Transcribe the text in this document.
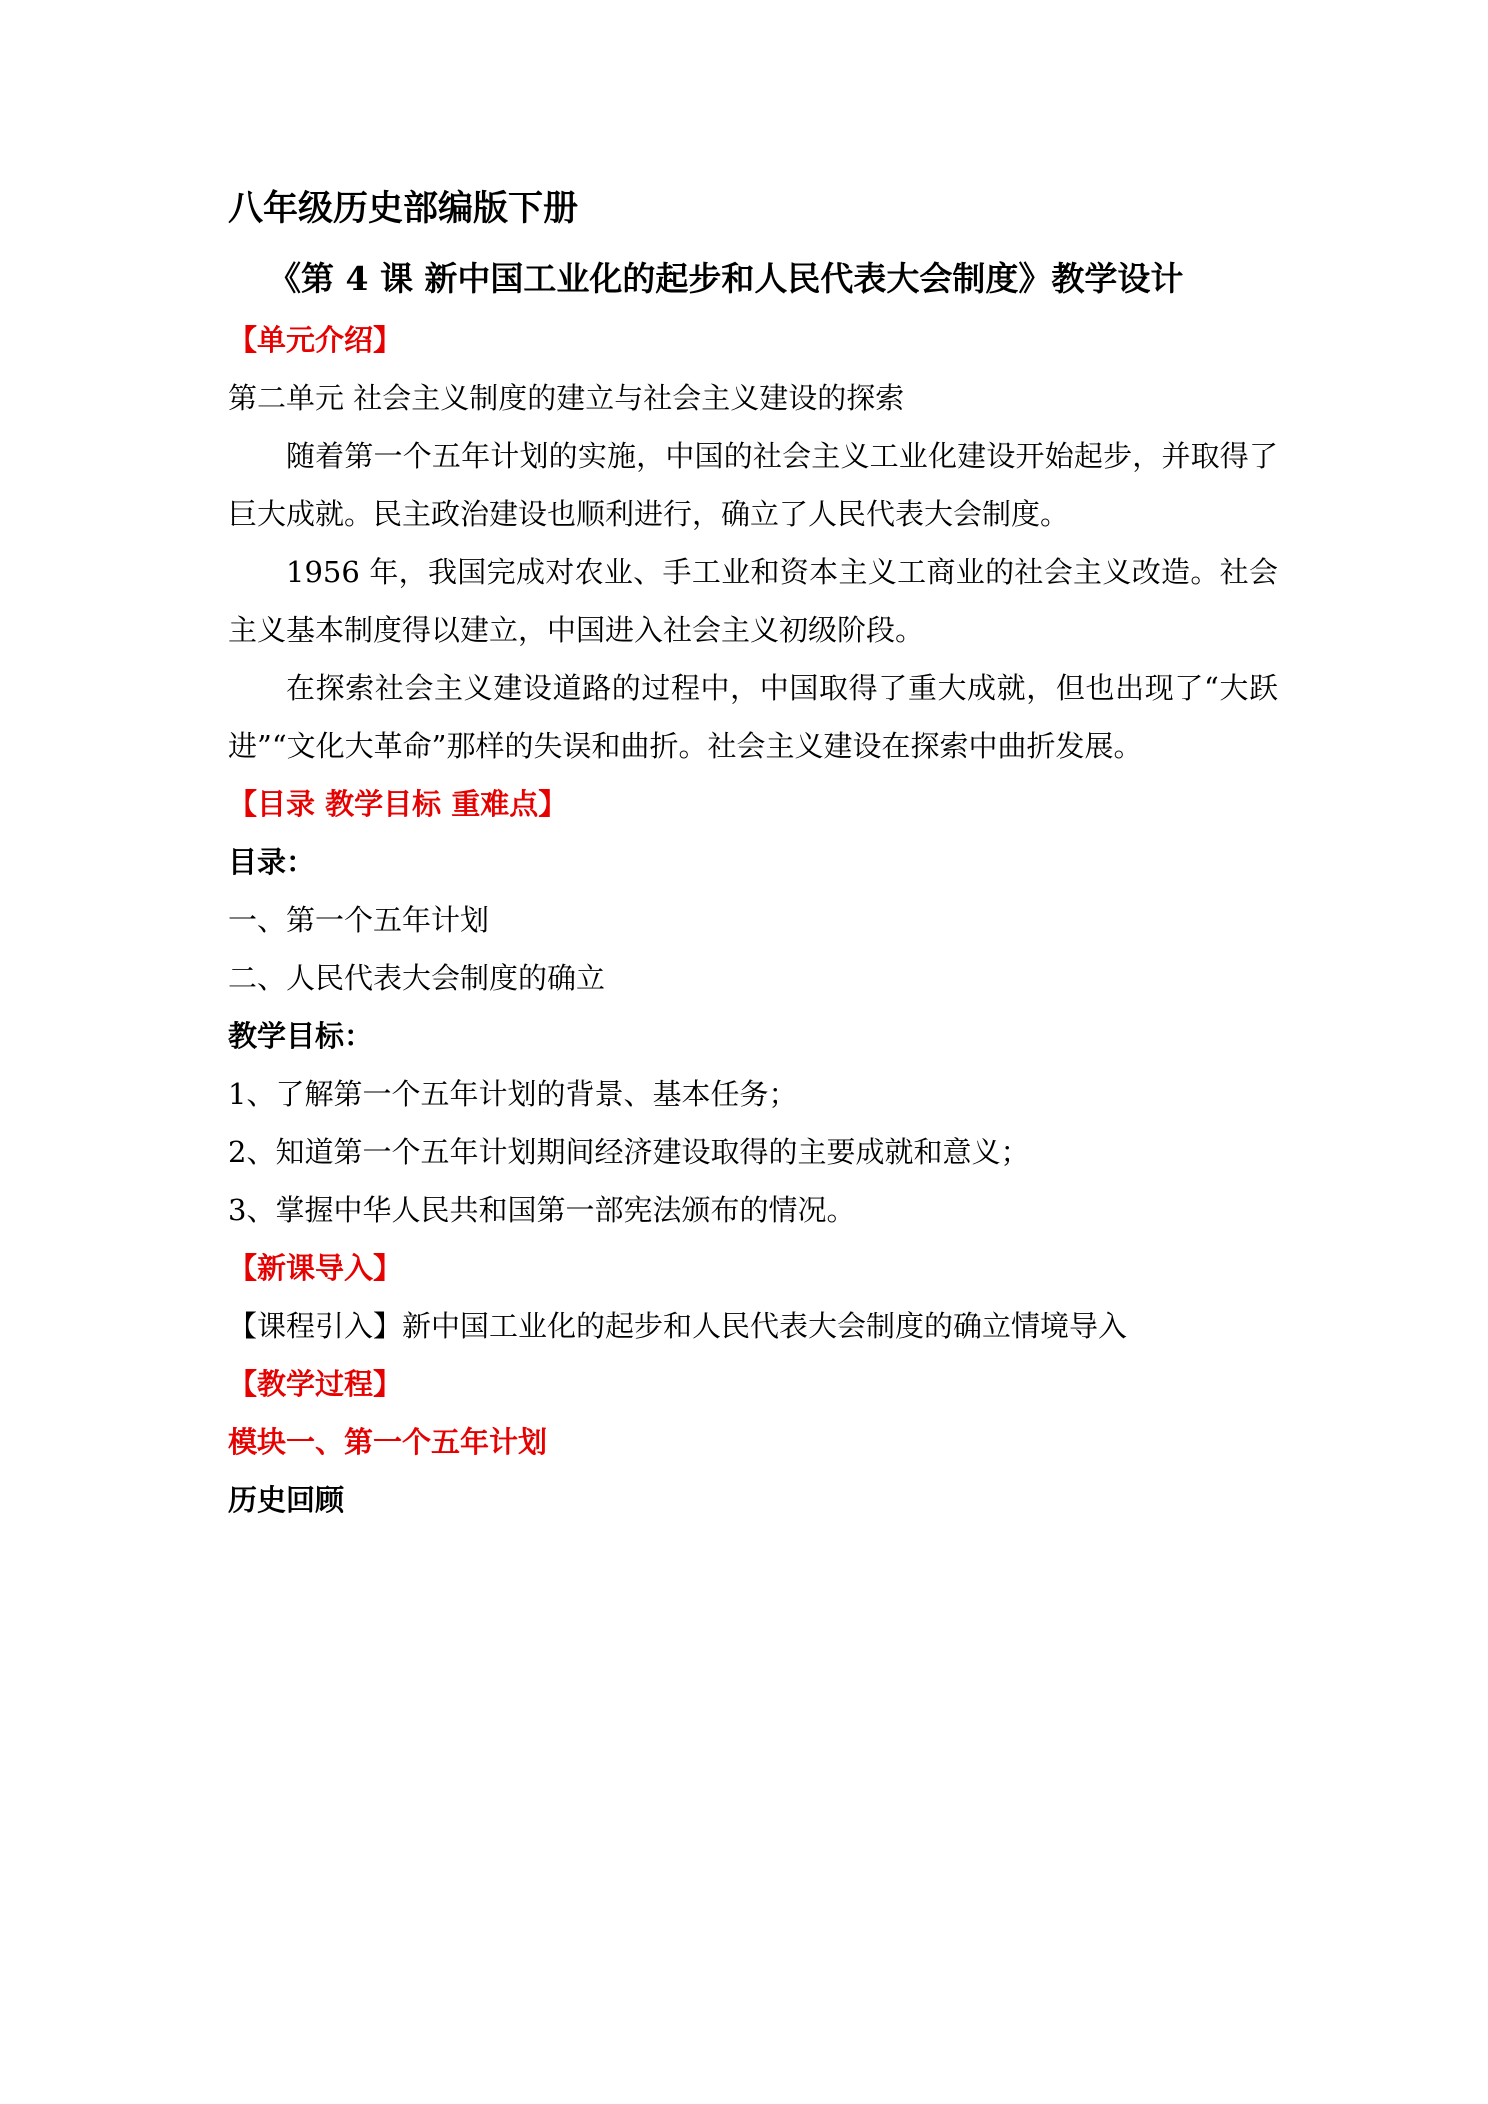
八年级历史部编版下册
《第 4 课 新中国工业化的起步和人民代表大会制度》教学设计
【单元介绍】
第二单元 社会主义制度的建立与社会主义建设的探索
随着第一个五年计划的实施，中国的社会主义工业化建设开始起步，并取得了巨大成就。民主政治建设也顺利进行，确立了人民代表大会制度。
1956 年，我国完成对农业、手工业和资本主义工商业的社会主义改造。社会主义基本制度得以建立，中国进入社会主义初级阶段。
在探索社会主义建设道路的过程中，中国取得了重大成就，但也出现了“大跃进”“文化大革命”那样的失误和曲折。社会主义建设在探索中曲折发展。
【目录 教学目标 重难点】
目录：
一、第一个五年计划
二、人民代表大会制度的确立
教学目标：
1、了解第一个五年计划的背景、基本任务；
2、知道第一个五年计划期间经济建设取得的主要成就和意义；
3、掌握中华人民共和国第一部宪法颁布的情况。
【新课导入】
【课程引入】新中国工业化的起步和人民代表大会制度的确立情境导入
【教学过程】
模块一、第一个五年计划
历史回顾
